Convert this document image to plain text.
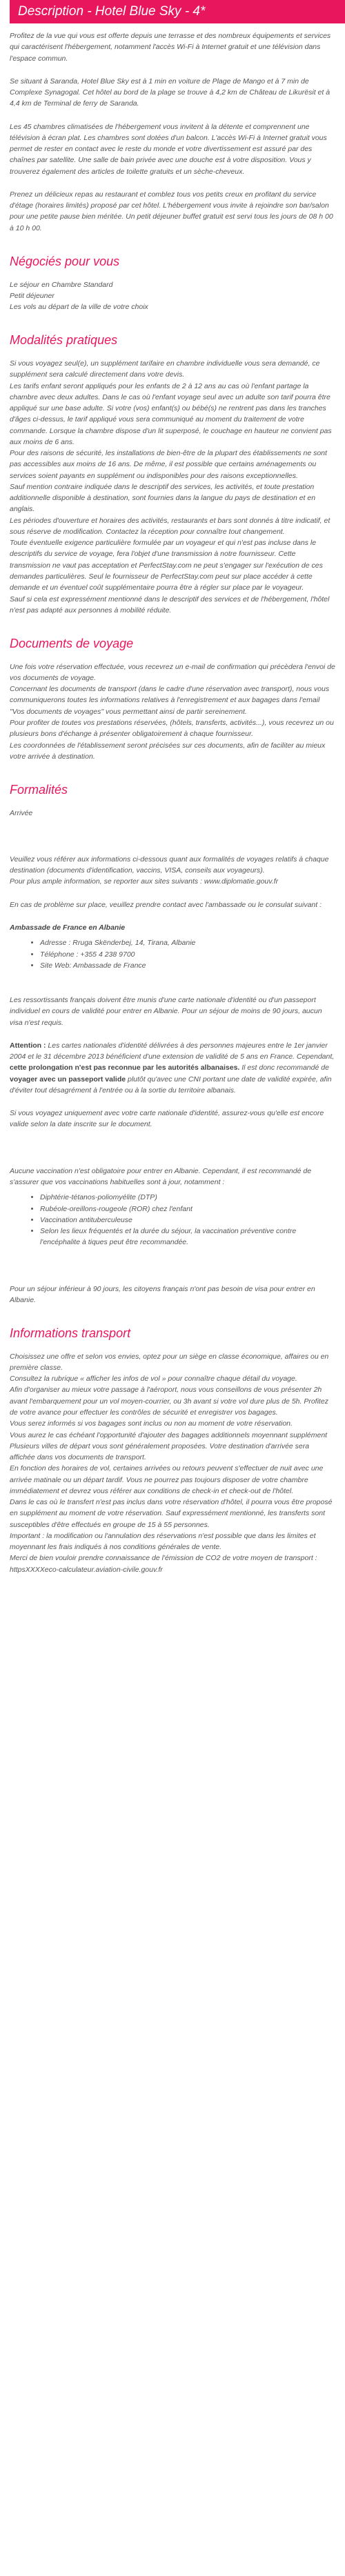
Description - Hotel Blue Sky - 4*

Profitez de la vue qui vous est offerte depuis une terrasse et des nombreux équipements et services qui caractérisent l'hébergement, notamment l'accès Wi-Fi à Internet gratuit et une télévision dans l'espace commun.

Se situant à Saranda, Hotel Blue Sky est à 1 min en voiture de Plage de Mango et à 7 min de Complexe Synagogal. Cet hôtel au bord de la plage se trouve à 4,2 km de Château de Likurësit et à 4,4 km de Terminal de ferry de Saranda.

Les 45 chambres climatisées de l'hébergement vous invitent à la détente et comprennent une télévision à écran plat. Les chambres sont dotées d'un balcon. L'accès Wi-Fi à Internet gratuit vous permet de rester en contact avec le reste du monde et votre divertissement est assuré par des chaînes par satellite. Une salle de bain privée avec une douche est à votre disposition. Vous y trouverez également des articles de toilette gratuits et un sèche-cheveux.

Prenez un délicieux repas au restaurant et comblez tous vos petits creux en profitant du service d'étage (horaires limités) proposé par cet hôtel. L'hébergement vous invite à rejoindre son bar/salon pour une petite pause bien méritée. Un petit déjeuner buffet gratuit est servi tous les jours de 08 h 00 à 10 h 00.

Négociés pour vous
Le séjour en Chambre Standard
Petit déjeuner
Les vols au départ de la ville de votre choix
Modalités pratiques

Si vous voyagez seul(e), un supplément tarifaire en chambre individuelle vous sera demandé, ce supplément sera calculé directement dans votre devis.

Les tarifs enfant seront appliqués pour les enfants de 2 à 12 ans au cas où l'enfant partage la chambre avec deux adultes. Dans le cas où l'enfant voyage seul avec un adulte son tarif pourra être appliqué sur une base adulte. Si votre (vos) enfant(s) ou bébé(s) ne rentrent pas dans les tranches d'âges ci-dessus, le tarif appliqué vous sera communiqué au moment du traitement de votre commande. Lorsque la chambre dispose d'un lit superposé, le couchage en hauteur ne convient pas aux moins de 6 ans.

Pour des raisons de sécurité, les installations de bien-être de la plupart des établissements ne sont pas accessibles aux moins de 16 ans. De même, il est possible que certains aménagements ou services soient payants en supplément ou indisponibles pour des raisons exceptionnelles.

Sauf mention contraire indiquée dans le descriptif des services, les activités, et toute prestation additionnelle disponible à destination, sont fournies dans la langue du pays de destination et en anglais.

Les périodes d'ouverture et horaires des activités, restaurants et bars sont donnés à titre indicatif, et sous réserve de modification. Contactez la réception pour connaître tout changement.

Toute éventuelle exigence particulière formulée par un voyageur et qui n'est pas incluse dans le descriptifs du service de voyage, fera l'objet d'une transmission à notre fournisseur. Cette transmission ne vaut pas acceptation et PerfectStay.com ne peut s'engager sur l'exécution de ces demandes particulières. Seul le fournisseur de PerfectStay.com peut sur place accéder à cette demande et un éventuel coût supplémentaire pourra être à régler sur place par le voyageur.

Sauf si cela est expressément mentionné dans le descriptif des services et de l'hébergement, l'hôtel n'est pas adapté aux personnes à mobilité réduite.

Documents de voyage

Une fois votre réservation effectuée, vous recevrez un e-mail de confirmation qui précèdera l'envoi de vos documents de voyage.

Concernant les documents de transport (dans le cadre d'une réservation avec transport), nous vous communiquerons toutes les informations relatives à l'enregistrement et aux bagages dans l'email "Vos documents de voyages" vous permettant ainsi de partir sereinement.

Pour profiter de toutes vos prestations réservées, (hôtels, transferts, activités...), vous recevrez un ou plusieurs bons d'échange à présenter obligatoirement à chaque fournisseur.

Les coordonnées de l'établissement seront précisées sur ces documents, afin de faciliter au mieux votre arrivée à destination.

Formalités

Arrivée

Veuillez vous référer aux informations ci-dessous quant aux formalités de voyages relatifs à chaque destination (documents d'identification, vaccins, VISA, conseils aux voyageurs).

Pour plus ample information, se reporter aux sites suivants : www.diplomatie.gouv.fr

En cas de problème sur place, veuillez prendre contact avec l'ambassade ou le consulat suivant :

Ambassade de France en Albanie

• Adresse : Rruga Skënderbej, 14, Tirana, Albanie
• Téléphone : +355 4 238 9700
• Site Web: Ambassade de France

Les ressortissants français doivent être munis d'une carte nationale d'identité ou d'un passeport individuel en cours de validité pour entrer en Albanie. Pour un séjour de moins de 90 jours, aucun visa n'est requis.

Attention : Les cartes nationales d'identité délivrées à des personnes majeures entre le 1er janvier 2004 et le 31 décembre 2013 bénéficient d'une extension de validité de 5 ans en France. Cependant, cette prolongation n'est pas reconnue par les autorités albanaises. Il est donc recommandé de voyager avec un passeport valide plutôt qu'avec une CNI portant une date de validité expirée, afin d'éviter tout désagrément à l'entrée ou à la sortie du territoire albanais.

Si vous voyagez uniquement avec votre carte nationale d'identité, assurez-vous qu'elle est encore valide selon la date inscrite sur le document.

Aucune vaccination n'est obligatoire pour entrer en Albanie. Cependant, il est recommandé de s'assurer que vos vaccinations habituelles sont à jour, notamment :

• Diphtérie-tétanos-poliomyélite (DTP)
• Rubéole-oreillons-rougeole (ROR) chez l'enfant
• Vaccination antituberculeuse
• Selon les lieux fréquentés et la durée du séjour, la vaccination préventive contre l'encéphalite à tiques peut être recommandée.

Pour un séjour inférieur à 90 jours, les citoyens français n'ont pas besoin de visa pour entrer en Albanie.

Informations transport

Choisissez une offre et selon vos envies, optez pour un siège en classe économique, affaires ou en première classe.

Consultez la rubrique « afficher les infos de vol » pour connaître chaque détail du voyage.

Afin d'organiser au mieux votre passage à l'aéroport, nous vous conseillons de vous présenter 2h avant l'embarquement pour un vol moyen-courrier, ou 3h avant si votre vol dure plus de 5h. Profitez de votre avance pour effectuer les contrôles de sécurité et enregistrer vos bagages.

Vous serez informés si vos bagages sont inclus ou non au moment de votre réservation.

Vous aurez le cas échéant l'opportunité d'ajouter des bagages additionnels moyennant supplément

Plusieurs villes de départ vous sont généralement proposées. Votre destination d'arrivée sera affichée dans vos documents de transport.

En fonction des horaires de vol, certaines arrivées ou retours peuvent s'effectuer de nuit avec une arrivée matinale ou un départ tardif. Vous ne pourrez pas toujours disposer de votre chambre immédiatement et devrez vous référer aux conditions de check-in et check-out de l'hôtel.

Dans le cas où le transfert n'est pas inclus dans votre réservation d'hôtel, il pourra vous être proposé en supplément au moment de votre réservation. Sauf expressément mentionné, les transferts sont susceptibles d'être effectués en groupe de 15 à 55 personnes.

Important : la modification ou l'annulation des réservations n'est possible que dans les limites et moyennant les frais indiqués à nos conditions générales de vente.

Merci de bien vouloir prendre connaissance de l'émission de CO2 de votre moyen de transport : httpsXXXXeco-calculateur.aviation-civile.gouv.fr
